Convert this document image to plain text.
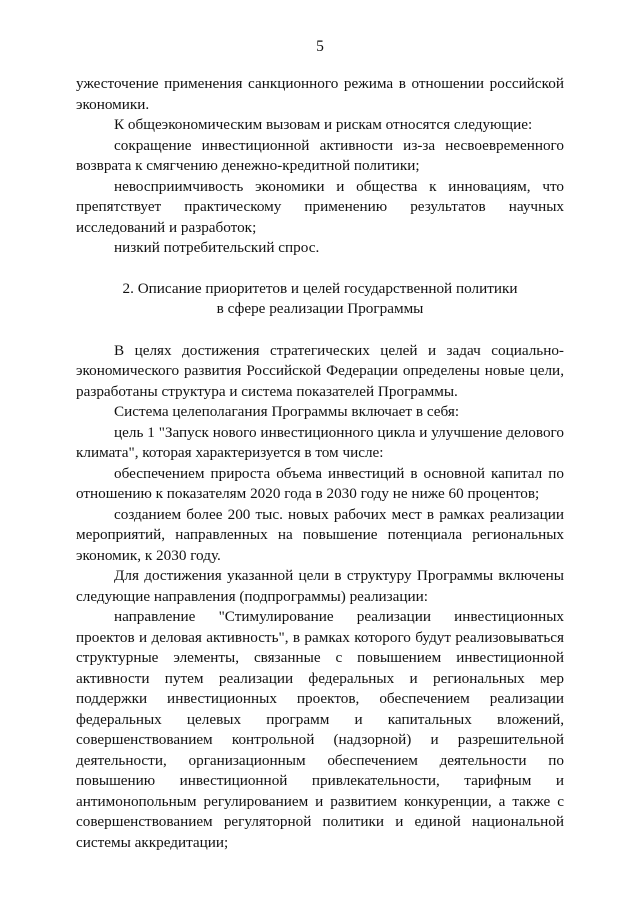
5

ужесточение применения санкционного режима в отношении российской экономики.

К общеэкономическим вызовам и рискам относятся следующие:

сокращение инвестиционной активности из-за несвоевременного возврата к смягчению денежно-кредитной политики;

невосприимчивость экономики и общества к инновациям, что препятствует практическому применению результатов научных исследований и разработок;

низкий потребительский спрос.

2. Описание приоритетов и целей государственной политики
в сфере реализации Программы

В целях достижения стратегических целей и задач социально-экономического развития Российской Федерации определены новые цели, разработаны структура и система показателей Программы.

Система целеполагания Программы включает в себя:

цель 1 "Запуск нового инвестиционного цикла и улучшение делового климата", которая характеризуется в том числе:

обеспечением прироста объема инвестиций в основной капитал по отношению к показателям 2020 года в 2030 году не ниже 60 процентов;

созданием более 200 тыс. новых рабочих мест в рамках реализации мероприятий, направленных на повышение потенциала региональных экономик, к 2030 году.

Для достижения указанной цели в структуру Программы включены следующие направления (подпрограммы) реализации:

направление "Стимулирование реализации инвестиционных проектов и деловая активность", в рамках которого будут реализовываться структурные элементы, связанные с повышением инвестиционной активности путем реализации федеральных и региональных мер поддержки инвестиционных проектов, обеспечением реализации федеральных целевых программ и капитальных вложений, совершенствованием контрольной (надзорной) и разрешительной деятельности, организационным обеспечением деятельности по повышению инвестиционной привлекательности, тарифным и антимонопольным регулированием и развитием конкуренции, а также с совершенствованием регуляторной политики и единой национальной системы аккредитации;
